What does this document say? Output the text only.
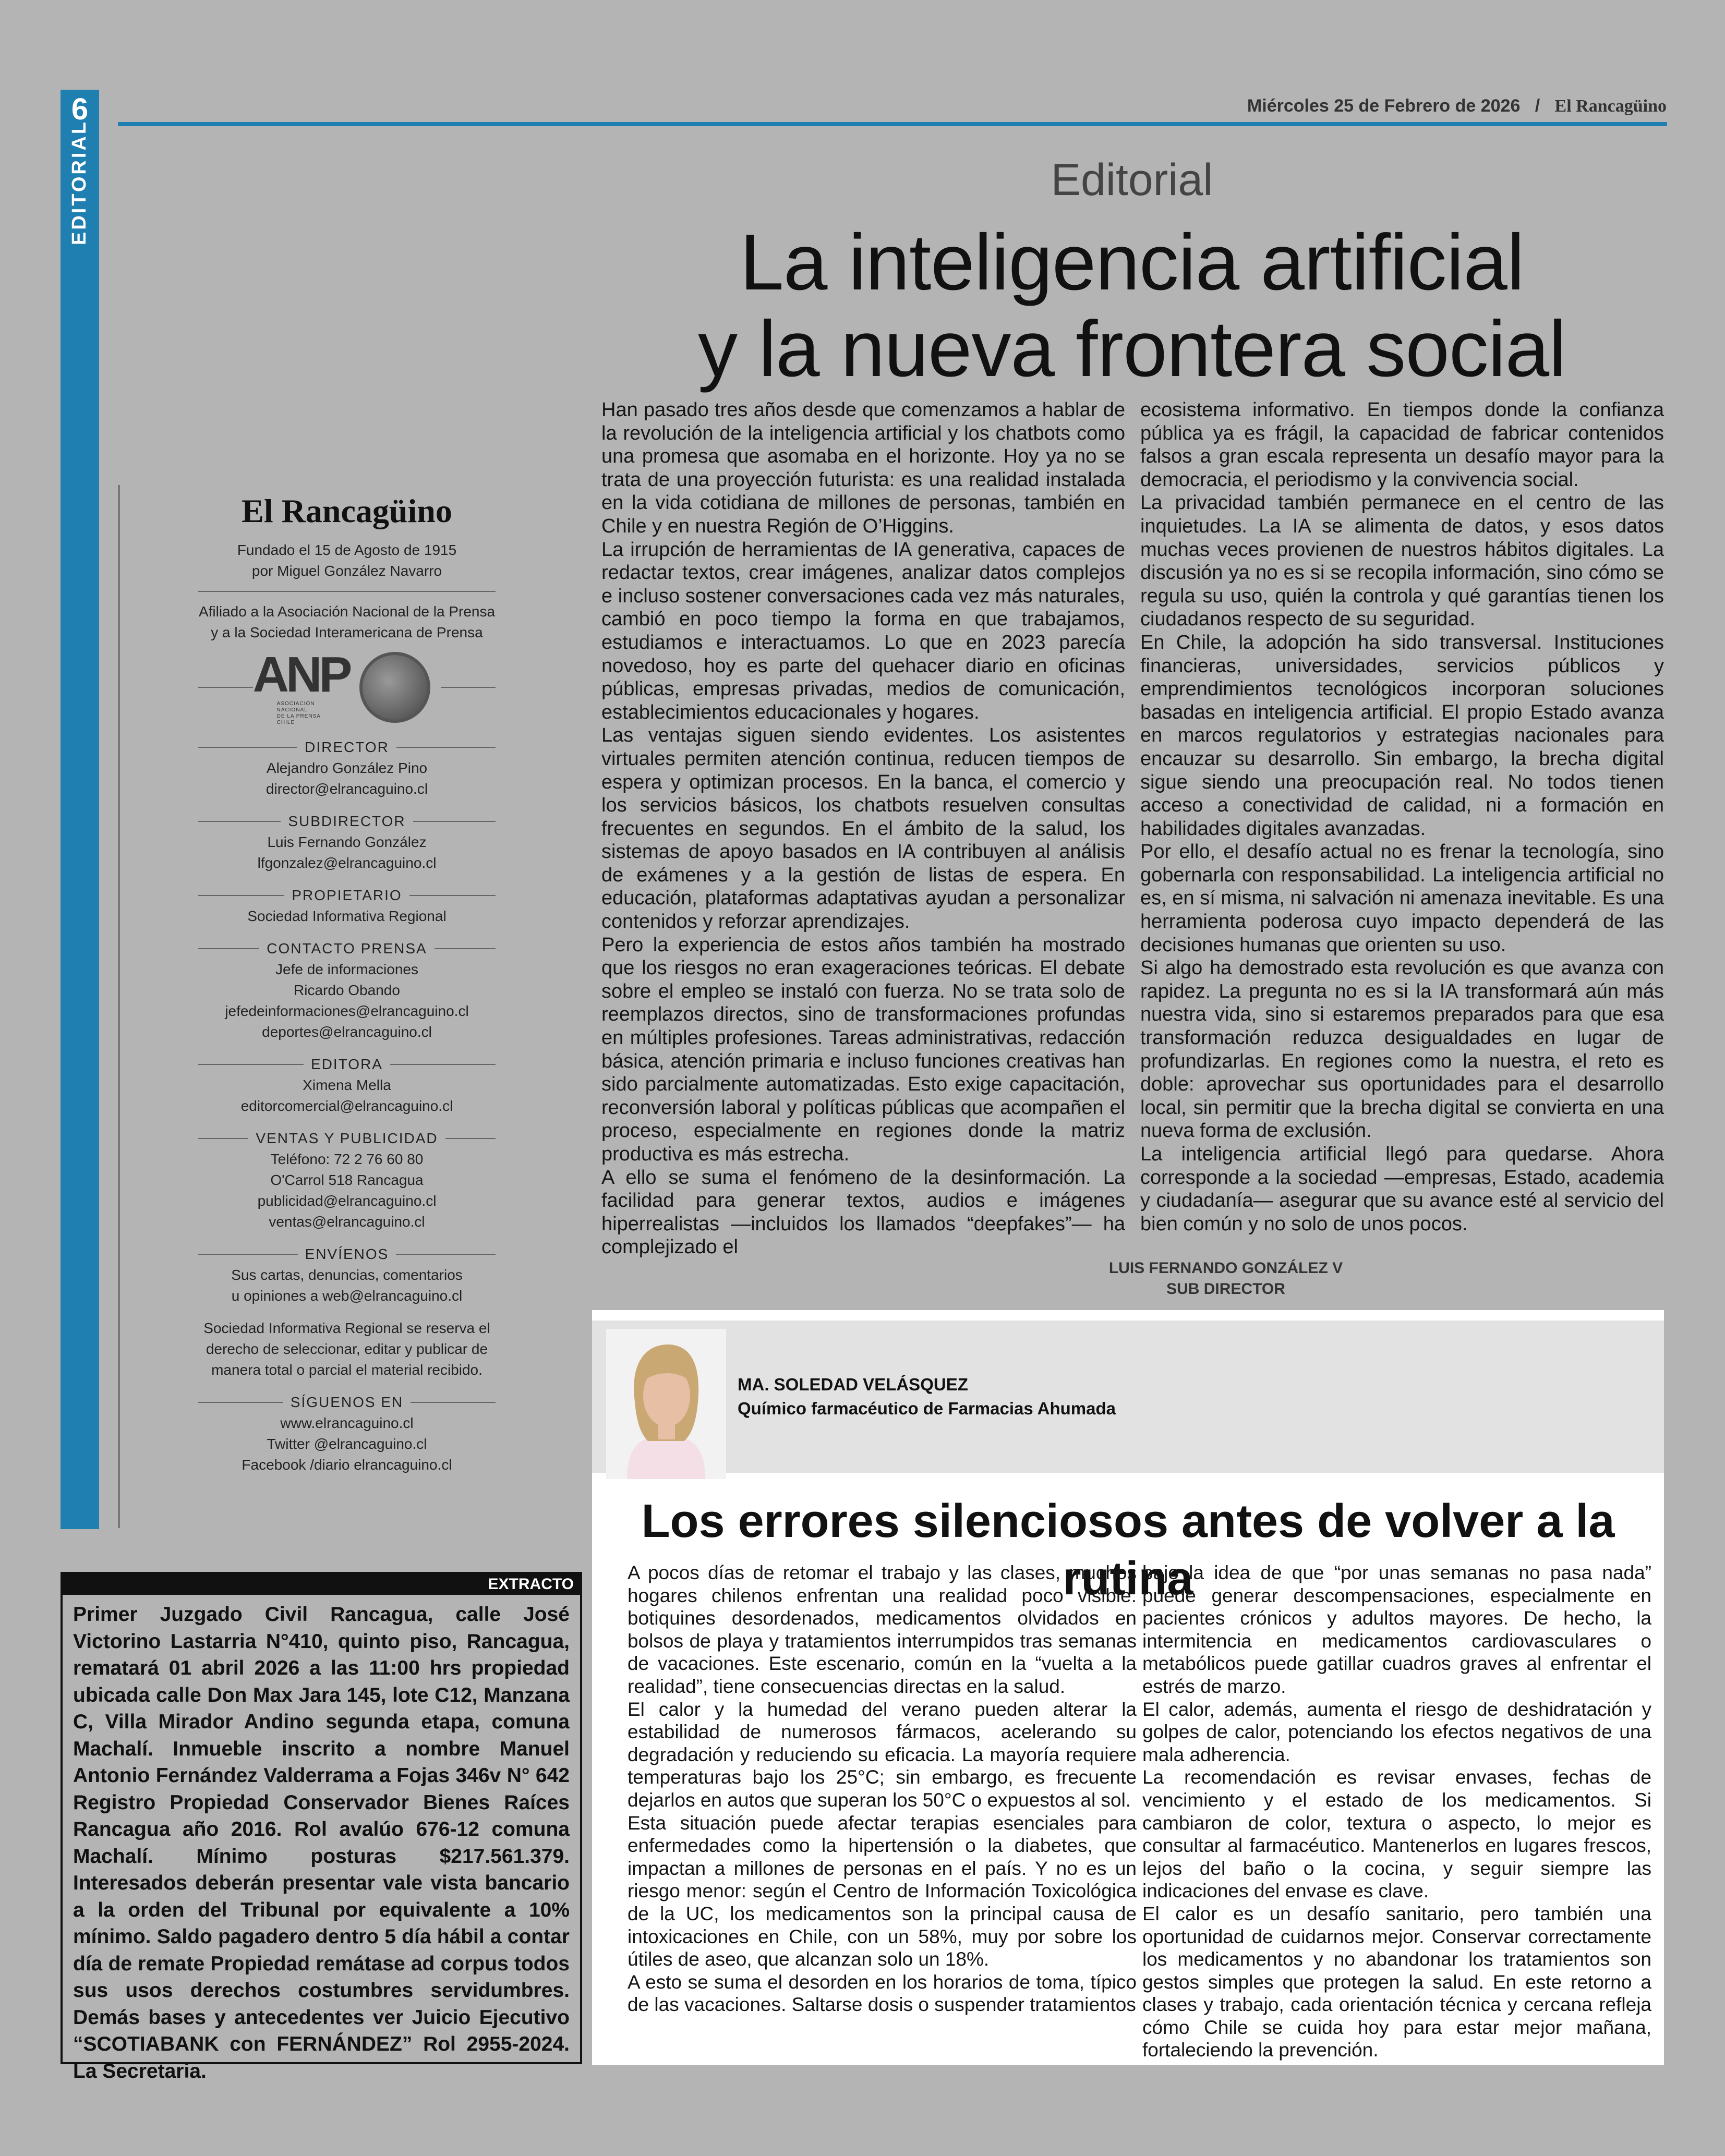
6
EDITORIAL
Miércoles 25 de Febrero de 2026 / El Rancagüino
El Rancagüino
Fundado el 15 de Agosto de 1915
por Miguel González Navarro
Afiliado a la Asociación Nacional de la Prensa
y a la Sociedad Interamericana de Prensa
ANP
ASOCIACIÓN
NACIONAL
DE LA PRENSA
CHILE
DIRECTOR
Alejandro González Pino
director@elrancaguino.cl
SUBDIRECTOR
Luis Fernando González
lfgonzalez@elrancaguino.cl
PROPIETARIO
Sociedad Informativa Regional
CONTACTO PRENSA
Jefe de informaciones
Ricardo Obando
jefedeinformaciones@elrancaguino.cl
deportes@elrancaguino.cl
EDITORA
Ximena Mella
editorcomercial@elrancaguino.cl
VENTAS Y PUBLICIDAD
Teléfono: 72 2 76 60 80
O'Carrol 518 Rancagua
publicidad@elrancaguino.cl
ventas@elrancaguino.cl
ENVÍENOS
Sus cartas, denuncias, comentarios
u opiniones a web@elrancaguino.cl
Sociedad Informativa Regional se reserva el
derecho de seleccionar, editar y publicar de
manera total o parcial el material recibido.
SÍGUENOS EN
www.elrancaguino.cl
Twitter @elrancaguino.cl
Facebook /diario elrancaguino.cl
Editorial
La inteligencia artificial
y la nueva frontera social

Han pasado tres años desde que comenzamos a hablar de la revolución de la inteligencia artificial y los chatbots como una promesa que asomaba en el horizonte. Hoy ya no se trata de una proyección futurista: es una realidad instalada en la vida cotidiana de millones de personas, también en Chile y en nuestra Región de O’Higgins.

La irrupción de herramientas de IA generativa, capaces de redactar textos, crear imágenes, analizar datos complejos e incluso sostener conversaciones cada vez más naturales, cambió en poco tiempo la forma en que trabajamos, estudiamos e interactuamos. Lo que en 2023 parecía novedoso, hoy es parte del quehacer diario en oficinas públicas, empresas privadas, medios de comunicación, establecimientos educacionales y hogares.

Las ventajas siguen siendo evidentes. Los asistentes virtuales permiten atención continua, reducen tiempos de espera y optimizan procesos. En la banca, el comercio y los servicios básicos, los chatbots resuelven consultas frecuentes en segundos. En el ámbito de la salud, los sistemas de apoyo basados en IA contribuyen al análisis de exámenes y a la gestión de listas de espera. En educación, plataformas adaptativas ayudan a personalizar contenidos y reforzar aprendizajes.

Pero la experiencia de estos años también ha mostrado que los riesgos no eran exageraciones teóricas. El debate sobre el empleo se instaló con fuerza. No se trata solo de reemplazos directos, sino de transformaciones profundas en múltiples profesiones. Tareas administrativas, redacción básica, atención primaria e incluso funciones creativas han sido parcialmente automatizadas. Esto exige capacitación, reconversión laboral y políticas públicas que acompañen el proceso, especialmente en regiones donde la matriz productiva es más estrecha.

A ello se suma el fenómeno de la desinformación. La facilidad para generar textos, audios e imágenes hiperrealistas —incluidos los llamados “deepfakes”— ha complejizado el

ecosistema informativo. En tiempos donde la confianza pública ya es frágil, la capacidad de fabricar contenidos falsos a gran escala representa un desafío mayor para la democracia, el periodismo y la convivencia social.

La privacidad también permanece en el centro de las inquietudes. La IA se alimenta de datos, y esos datos muchas veces provienen de nuestros hábitos digitales. La discusión ya no es si se recopila información, sino cómo se regula su uso, quién la controla y qué garantías tienen los ciudadanos respecto de su seguridad.

En Chile, la adopción ha sido transversal. Instituciones financieras, universidades, servicios públicos y emprendimientos tecnológicos incorporan soluciones basadas en inteligencia artificial. El propio Estado avanza en marcos regulatorios y estrategias nacionales para encauzar su desarrollo. Sin embargo, la brecha digital sigue siendo una preocupación real. No todos tienen acceso a conectividad de calidad, ni a formación en habilidades digitales avanzadas.

Por ello, el desafío actual no es frenar la tecnología, sino gobernarla con responsabilidad. La inteligencia artificial no es, en sí misma, ni salvación ni amenaza inevitable. Es una herramienta poderosa cuyo impacto dependerá de las decisiones humanas que orienten su uso.

Si algo ha demostrado esta revolución es que avanza con rapidez. La pregunta no es si la IA transformará aún más nuestra vida, sino si estaremos preparados para que esa transformación reduzca desigualdades en lugar de profundizarlas. En regiones como la nuestra, el reto es doble: aprovechar sus oportunidades para el desarrollo local, sin permitir que la brecha digital se convierta en una nueva forma de exclusión.

La inteligencia artificial llegó para quedarse. Ahora corresponde a la sociedad —empresas, Estado, academia y ciudadanía— asegurar que su avance esté al servicio del bien común y no solo de unos pocos.

LUIS FERNANDO GONZÁLEZ V
SUB DIRECTOR
MA. SOLEDAD VELÁSQUEZ
Químico farmacéutico de Farmacias Ahumada
Los errores silenciosos antes de volver a la rutina

A pocos días de retomar el trabajo y las clases, muchos hogares chilenos enfrentan una realidad poco visible: botiquines desordenados, medicamentos olvidados en bolsos de playa y tratamientos interrumpidos tras semanas de vacaciones. Este escenario, común en la “vuelta a la realidad”, tiene consecuencias directas en la salud.

El calor y la humedad del verano pueden alterar la estabilidad de numerosos fármacos, acelerando su degradación y reduciendo su eficacia. La mayoría requiere temperaturas bajo los 25°C; sin embargo, es frecuente dejarlos en autos que superan los 50°C o expuestos al sol.

Esta situación puede afectar terapias esenciales para enfermedades como la hipertensión o la diabetes, que impactan a millones de personas en el país. Y no es un riesgo menor: según el Centro de Información Toxicológica de la UC, los medicamentos son la principal causa de intoxicaciones en Chile, con un 58%, muy por sobre los útiles de aseo, que alcanzan solo un 18%.

A esto se suma el desorden en los horarios de toma, típico de las vacaciones. Saltarse dosis o suspender tratamientos

bajo la idea de que “por unas semanas no pasa nada” puede generar descompensaciones, especialmente en pacientes crónicos y adultos mayores. De hecho, la intermitencia en medicamentos cardiovasculares o metabólicos puede gatillar cuadros graves al enfrentar el estrés de marzo.

El calor, además, aumenta el riesgo de deshidratación y golpes de calor, potenciando los efectos negativos de una mala adherencia.

La recomendación es revisar envases, fechas de vencimiento y el estado de los medicamentos. Si cambiaron de color, textura o aspecto, lo mejor es consultar al farmacéutico. Mantenerlos en lugares frescos, lejos del baño o la cocina, y seguir siempre las indicaciones del envase es clave.

El calor es un desafío sanitario, pero también una oportunidad de cuidarnos mejor. Conservar correctamente los medicamentos y no abandonar los tratamientos son gestos simples que protegen la salud. En este retorno a clases y trabajo, cada orientación técnica y cercana refleja cómo Chile se cuida hoy para estar mejor mañana, fortaleciendo la prevención.

EXTRACTO
Primer Juzgado Civil Rancagua, calle José Victorino Lastarria N°410, quinto piso, Rancagua, rematará 01 abril 2026 a las 11:00 hrs propiedad ubicada calle Don Max Jara 145, lote C12, Manzana C, Villa Mirador Andino segunda etapa, comuna Machalí. Inmueble inscrito a nombre Manuel Antonio Fernández Valderrama a Fojas 346v N° 642 Registro Propiedad Conservador Bienes Raíces Rancagua año 2016. Rol avalúo 676-12 comuna Machalí. Mínimo posturas $217.561.379. Interesados deberán presentar vale vista bancario a la orden del Tribunal por equivalente a 10% mínimo. Saldo pagadero dentro 5 día hábil a contar día de remate Propiedad remátase ad corpus todos sus usos derechos costumbres servidumbres. Demás bases y antecedentes ver Juicio Ejecutivo “SCOTIABANK con FERNÁNDEZ” Rol 2955-2024. La Secretaria.
